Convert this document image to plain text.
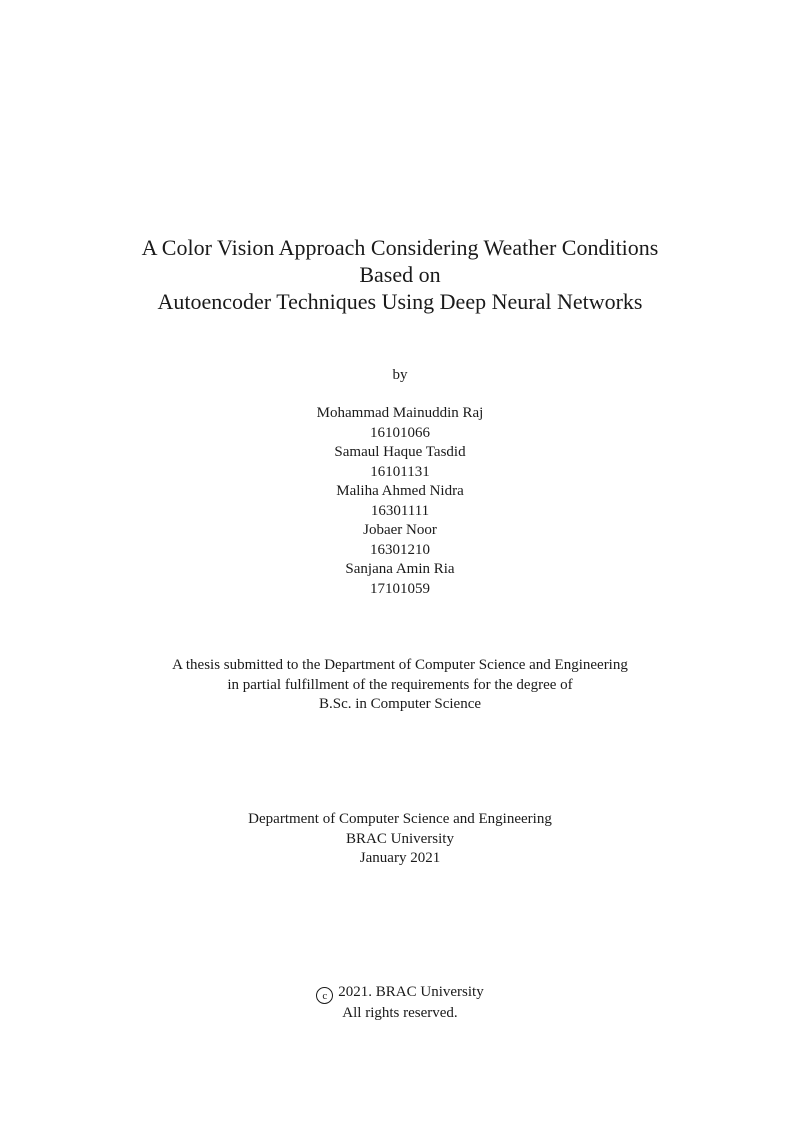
A Color Vision Approach Considering Weather Conditions
Based on
Autoencoder Techniques Using Deep Neural Networks
by
Mohammad Mainuddin Raj
16101066
Samaul Haque Tasdid
16101131
Maliha Ahmed Nidra
16301111
Jobaer Noor
16301210
Sanjana Amin Ria
17101059
A thesis submitted to the Department of Computer Science and Engineering
in partial fulfillment of the requirements for the degree of
B.Sc. in Computer Science
Department of Computer Science and Engineering
BRAC University
January 2021
c 2021. BRAC University
All rights reserved.
